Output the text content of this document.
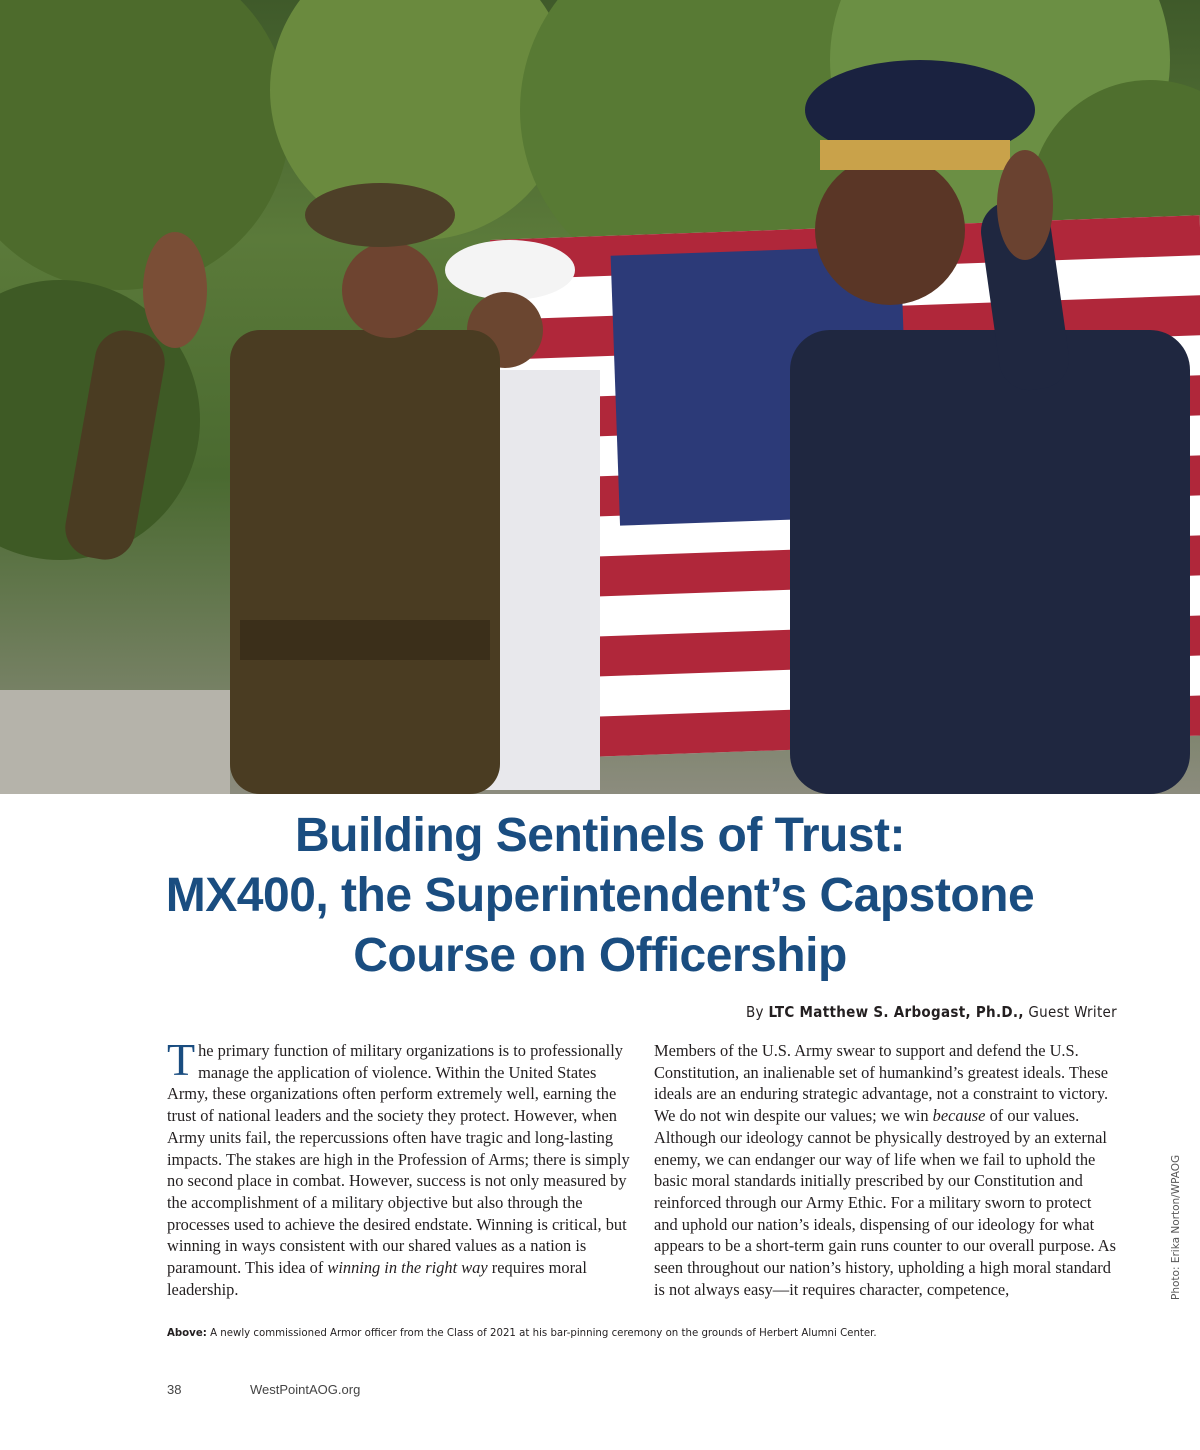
Building Sentinels of Trust:
MX400, the Superintendent’s Capstone
Course on Officership
By LTC Matthew S. Arbogast, Ph.D., Guest Writer

The primary function of military organizations is to professionally manage the application of violence. Within the United States Army, these organizations often perform extremely well, earning the trust of national leaders and the society they protect. However, when Army units fail, the repercussions often have tragic and long-lasting impacts. The stakes are high in the Profession of Arms; there is simply no second place in combat. However, success is not only measured by the accomplishment of a military objective but also through the processes used to achieve the desired endstate. Winning is critical, but winning in ways consistent with our shared values as a nation is paramount. This idea of winning in the right way requires moral leadership.

Members of the U.S. Army swear to support and defend the U.S. Constitution, an inalienable set of humankind’s greatest ideals. These ideals are an enduring strategic advantage, not a constraint to victory. We do not win despite our values; we win because of our values. Although our ideology cannot be physically destroyed by an external enemy, we can endanger our way of life when we fail to uphold the basic moral standards initially prescribed by our Constitution and reinforced through our Army Ethic. For a military sworn to protect and uphold our nation’s ideals, dispensing of our ideology for what appears to be a short-term gain runs counter to our overall purpose. As seen throughout our nation’s history, upholding a high moral standard is not always easy—it requires character, competence,

Above: A newly commissioned Armor officer from the Class of 2021 at his bar-pinning ceremony on the grounds of Herbert Alumni Center.
Photo: Erika Norton/WPAOG
38	WestPointAOG.org
